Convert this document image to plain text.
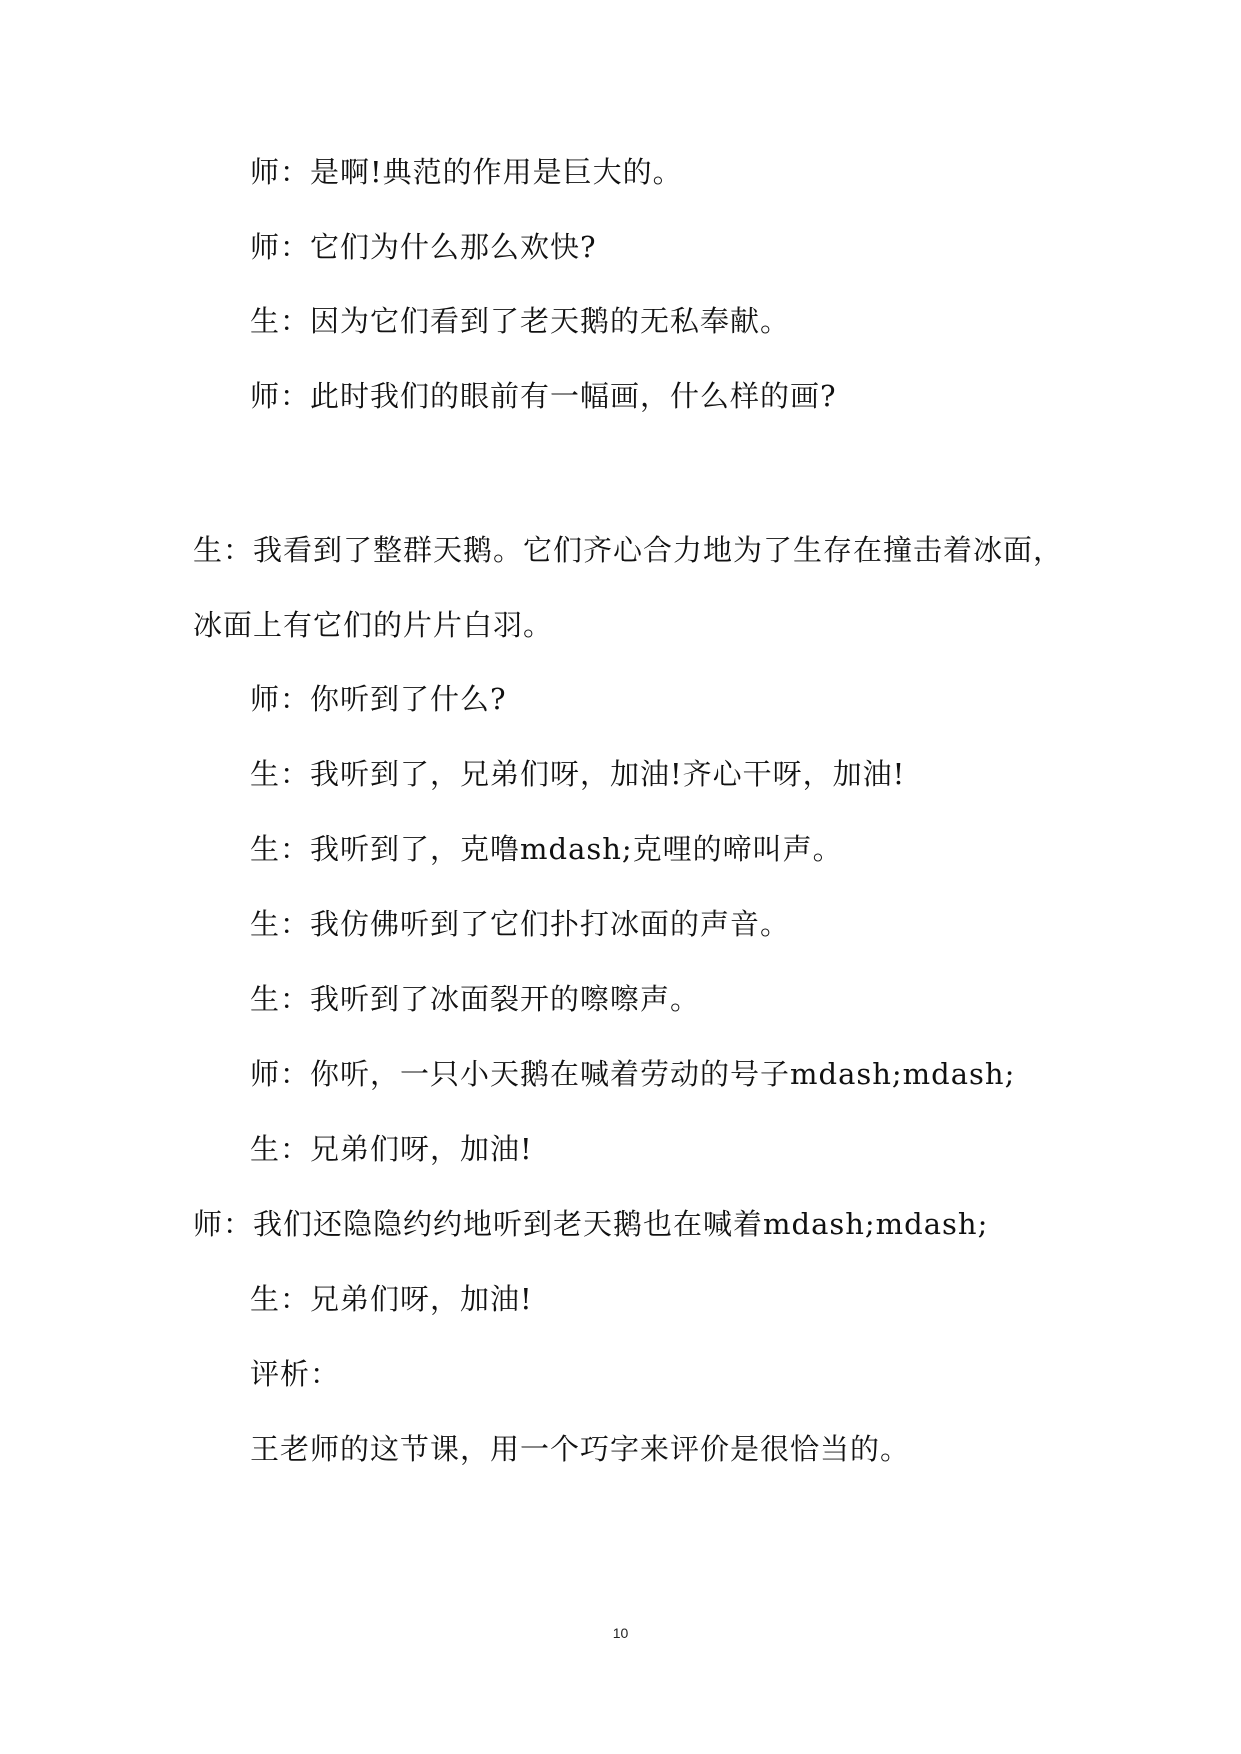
师：是啊!典范的作用是巨大的。
师：它们为什么那么欢快?
生：因为它们看到了老天鹅的无私奉献。
师：此时我们的眼前有一幅画，什么样的画?
生：我看到了整群天鹅。它们齐心合力地为了生存在撞击着冰面，
冰面上有它们的片片白羽。
师：你听到了什么?
生：我听到了，兄弟们呀，加油!齐心干呀，加油!
生：我听到了，克噜mdash;克哩的啼叫声。
生：我仿佛听到了它们扑打冰面的声音。
生：我听到了冰面裂开的嚓嚓声。
师：你听，一只小天鹅在喊着劳动的号子mdash;mdash;
生：兄弟们呀，加油!
师：我们还隐隐约约地听到老天鹅也在喊着mdash;mdash;
生：兄弟们呀，加油!
评析：
王老师的这节课，用一个巧字来评价是很恰当的。
10
